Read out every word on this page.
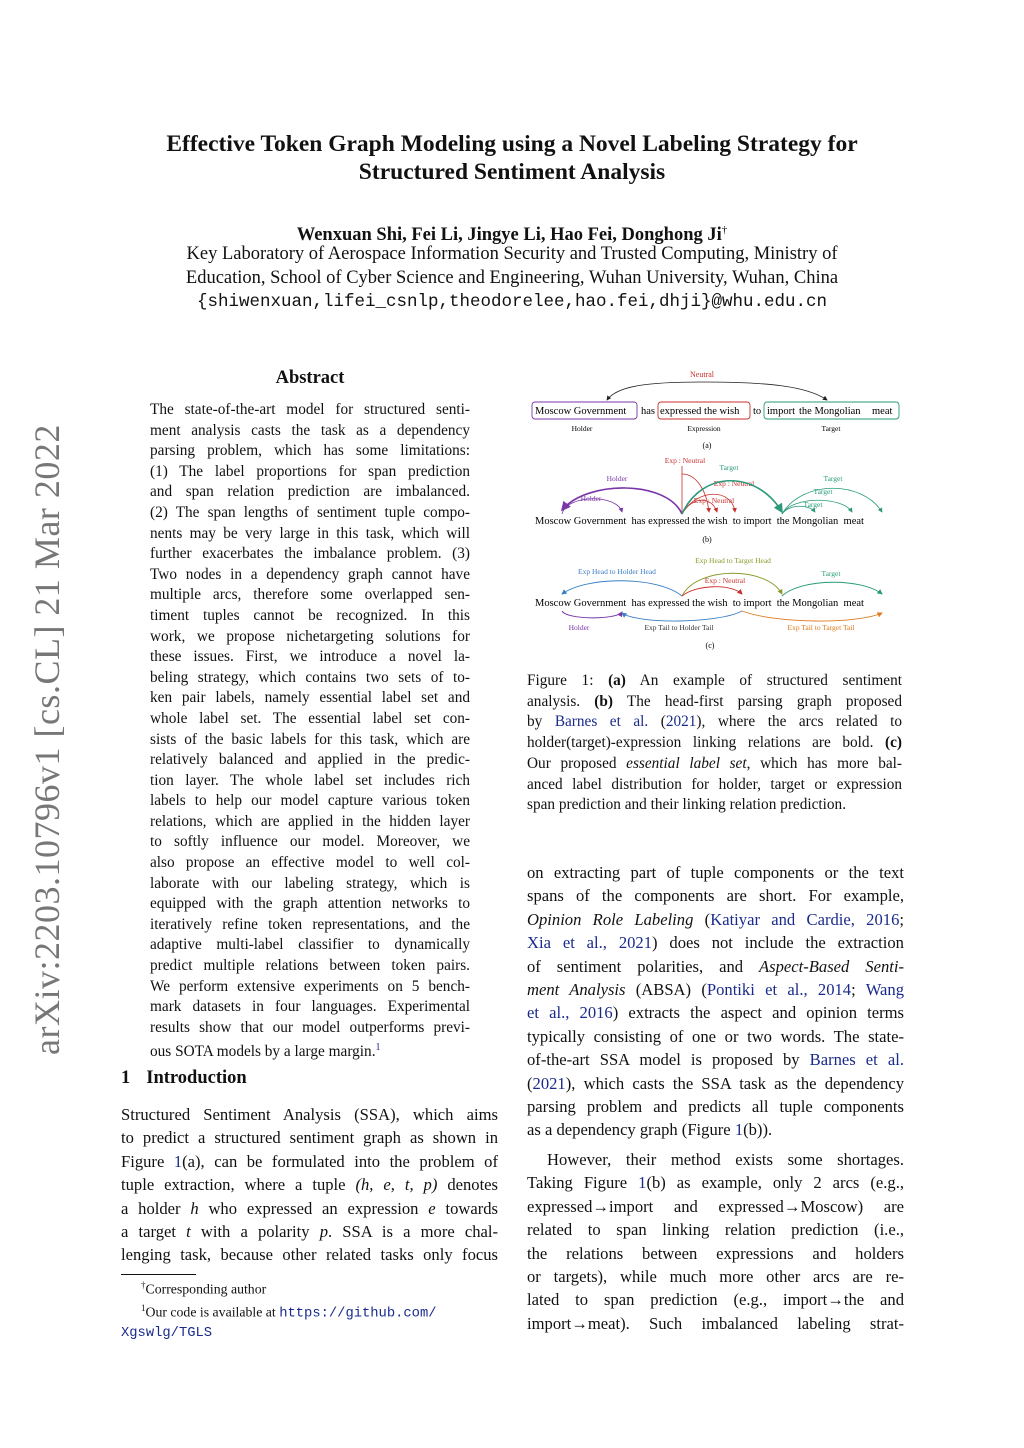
Effective Token Graph Modeling using a Novel Labeling Strategy for
Structured Sentiment Analysis
Wenxuan Shi, Fei Li, Jingye Li, Hao Fei, Donghong Ji†
Key Laboratory of Aerospace Information Security and Trusted Computing, Ministry of
Education, School of Cyber Science and Engineering, Wuhan University, Wuhan, China
{shiwenxuan,lifei_csnlp,theodorelee,hao.fei,dhji}@whu.edu.cn
arXiv:2203.10796v1 [cs.CL] 21 Mar 2022
Abstract
The state-of-the-art model for structured senti-
ment analysis casts the task as a dependency
parsing problem, which has some limitations:
(1) The label proportions for span prediction
and span relation prediction are imbalanced.
(2) The span lengths of sentiment tuple compo-
nents may be very large in this task, which will
further exacerbates the imbalance problem. (3)
Two nodes in a dependency graph cannot have
multiple arcs, therefore some overlapped sen-
timent tuples cannot be recognized. In this
work, we propose nichetargeting solutions for
these issues. First, we introduce a novel la-
beling strategy, which contains two sets of to-
ken pair labels, namely essential label set and
whole label set. The essential label set con-
sists of the basic labels for this task, which are
relatively balanced and applied in the predic-
tion layer. The whole label set includes rich
labels to help our model capture various token
relations, which are applied in the hidden layer
to softly influence our model. Moreover, we
also propose an effective model to well col-
laborate with our labeling strategy, which is
equipped with the graph attention networks to
iteratively refine token representations, and the
adaptive multi-label classifier to dynamically
predict multiple relations between token pairs.
We perform extensive experiments on 5 bench-
mark datasets in four languages. Experimental
results show that our model outperforms previ-
ous SOTA models by a large margin.$^1$
1 Introduction
Structured Sentiment Analysis (SSA), which aims
to predict a structured sentiment graph as shown in
Figure 1(a), can be formulated into the problem of
tuple extraction, where a tuple (h, e, t, p) denotes
a holder h who expressed an expression e towards
a target t with a polarity p. SSA is a more chal-
lenging task, because other related tasks only focus
†Corresponding author
$^1$Our code is available at https://github.com/
Xgswlg/TGLS
Neutral
Moscow Government has expressed the wish to import the Mongolian meat
Holder	Expression	Target
(a)
Holder
Holder
Exp : Neutral
Exp : Neutral
Exp : Neutral
Target
Target
Target
Target
Moscow Government  has expressed the wish  to import  the Mongolian  meat
(b)
Exp Head to Holder Head
Exp Head to Target Head
Exp : Neutral
Target
Moscow Government  has expressed the wish  to import  the Mongolian  meat
Holder	Exp Tail to Holder Tail	Exp Tail to Target Tail
(c)
Figure 1: (a) An example of structured sentiment
analysis. (b) The head-first parsing graph proposed
by Barnes et al. (2021), where the arcs related to
holder(target)-expression linking relations are bold. (c)
Our proposed essential label set, which has more bal-
anced label distribution for holder, target or expression
span prediction and their linking relation prediction.
on extracting part of tuple components or the text
spans of the components are short. For example,
Opinion Role Labeling (Katiyar and Cardie, 2016;
Xia et al., 2021) does not include the extraction
of sentiment polarities, and Aspect-Based Senti-
ment Analysis (ABSA) (Pontiki et al., 2014; Wang
et al., 2016) extracts the aspect and opinion terms
typically consisting of one or two words. The state-
of-the-art SSA model is proposed by Barnes et al.
(2021), which casts the SSA task as the dependency
parsing problem and predicts all tuple components
as a dependency graph (Figure 1(b)).
However, their method exists some shortages.
Taking Figure 1(b) as example, only 2 arcs (e.g.,
expressed→import and expressed→Moscow) are
related to span linking relation prediction (i.e.,
the relations between expressions and holders
or targets), while much more other arcs are re-
lated to span prediction (e.g., import→the and
import→meat). Such imbalanced labeling strat-
